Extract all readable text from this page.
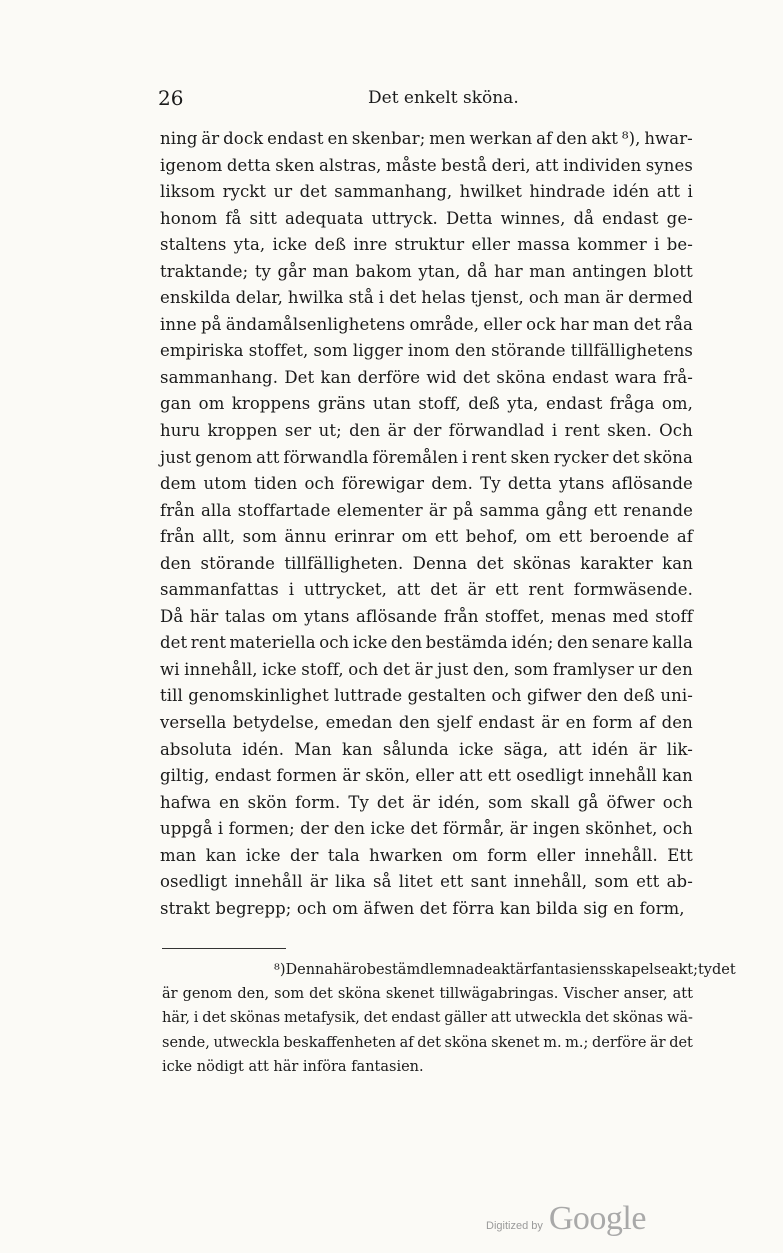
26	Det enkelt sköna.
ning är dock endast en skenbar; men werkan af den akt ⁸), hwar-
igenom detta sken alstras, måste bestå deri, att individen synes
liksom ryckt ur det sammanhang, hwilket hindrade idén att i
honom få sitt adequata uttryck. Detta winnes, då endast ge-
staltens yta, icke deß inre struktur eller massa kommer i be-
traktande; ty går man bakom ytan, då har man antingen blott
enskilda delar, hwilka stå i det helas tjenst, och man är dermed
inne på ändamålsenlighetens område, eller ock har man det råa
empiriska stoffet, som ligger inom den störande tillfällighetens
sammanhang. Det kan derföre wid det sköna endast wara frå-
gan om kroppens gräns utan stoff, deß yta, endast fråga om,
huru kroppen ser ut; den är der förwandlad i rent sken. Och
just genom att förwandla föremålen i rent sken rycker det sköna
dem utom tiden och förewigar dem. Ty detta ytans aflösande
från alla stoffartade elementer är på samma gång ett renande
från allt, som ännu erinrar om ett behof, om ett beroende af
den störande tillfälligheten. Denna det skönas karakter kan
sammanfattas i uttrycket, att det är ett rent formwäsende.
Då här talas om ytans aflösande från stoffet, menas med stoff
det rent materiella och icke den bestämda idén; den senare kalla
wi innehåll, icke stoff, och det är just den, som framlyser ur den
till genomskinlighet luttrade gestalten och gifwer den deß uni-
versella betydelse, emedan den sjelf endast är en form af den
absoluta idén. Man kan sålunda icke säga, att idén är lik-
giltig, endast formen är skön, eller att ett osedligt innehåll kan
hafwa en skön form. Ty det är idén, som skall gå öfwer och
uppgå i formen; der den icke det förmår, är ingen skönhet, och
man kan icke der tala hwarken om form eller innehåll. Ett
osedligt innehåll är lika så litet ett sant innehåll, som ett ab-
strakt
begrepp;
och
om
äfwen
det
förra
kan
bilda
sig
en
form,
⁸) Denna här obestämd lemnade akt är fantasiens skapelseakt; ty det
är genom den, som det sköna skenet tillwägabringas. Vischer anser, att
här, i det skönas metafysik, det endast gäller att utweckla det skönas wä-
sende, utweckla beskaffenheten af det sköna skenet m. m.; derföre är det
icke
nödigt
att
här
införa
fantasien.
Digitized by Google
